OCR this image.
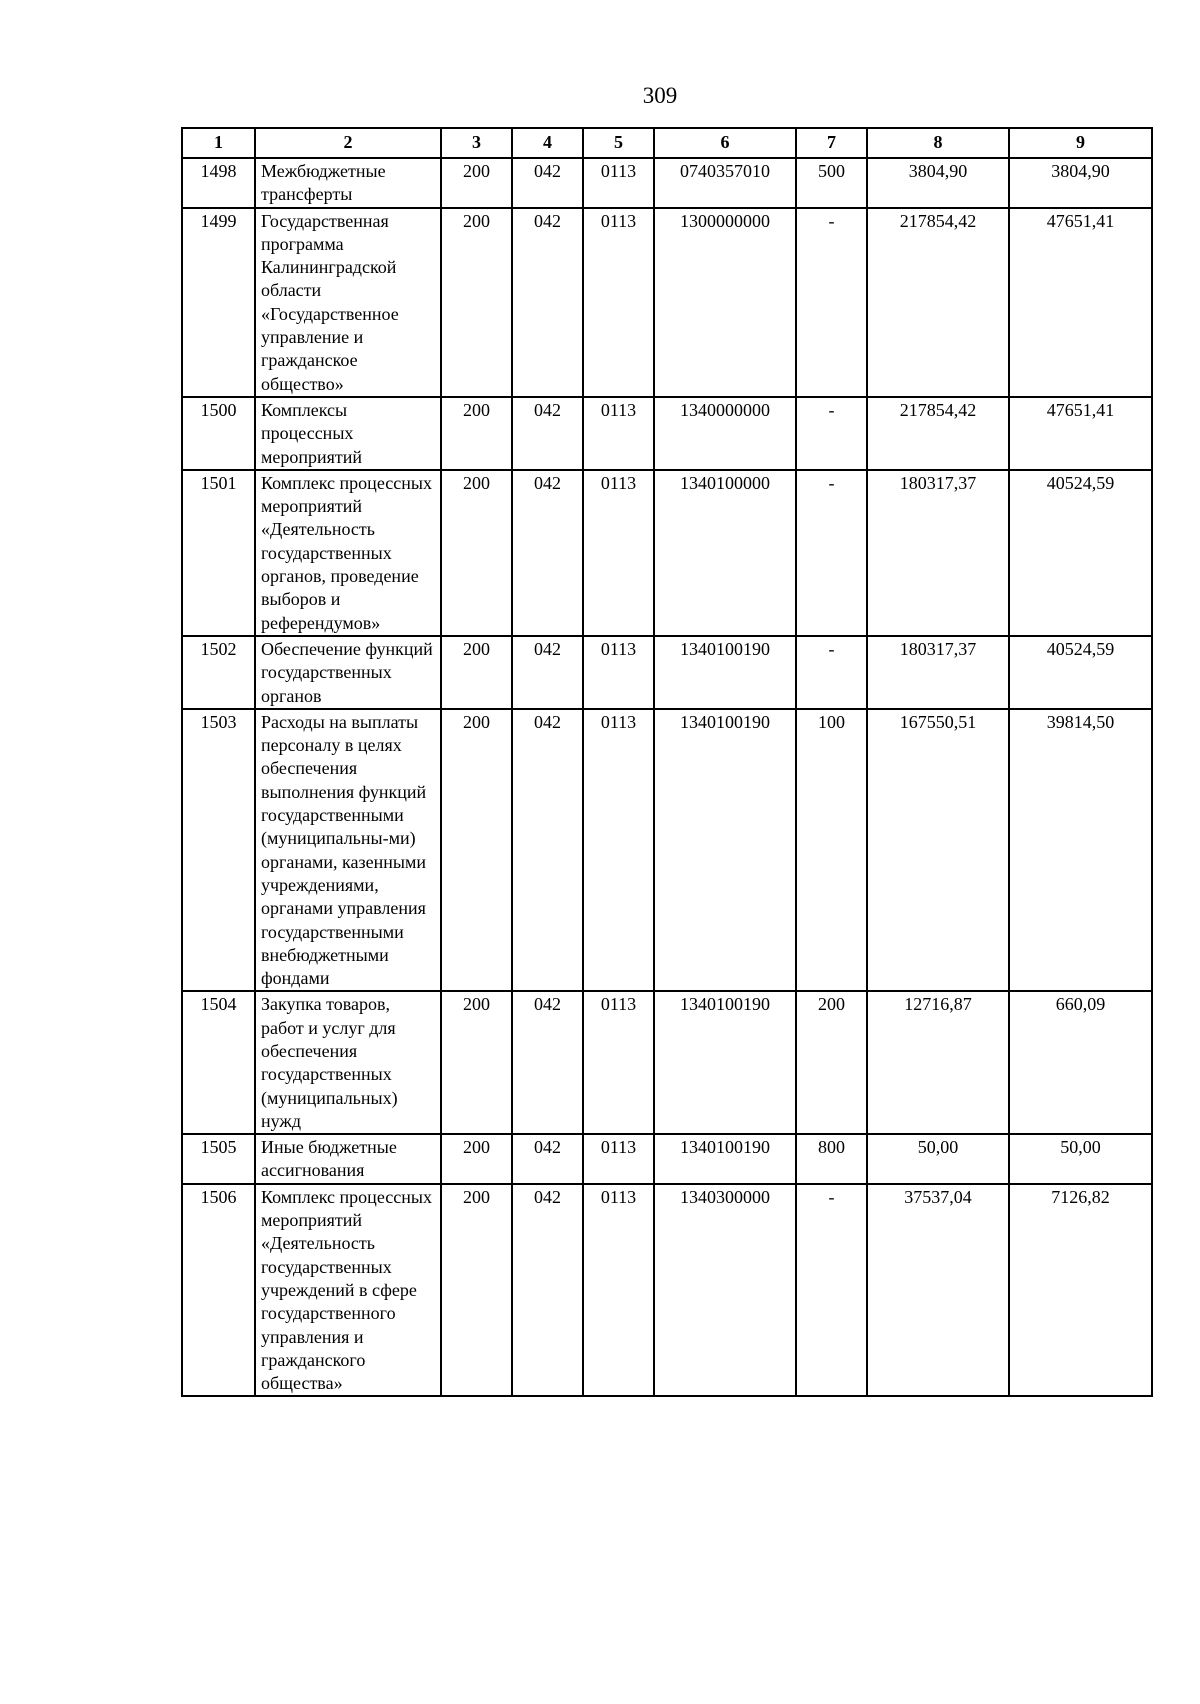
309
1	2	3	4	5	6	7	8	9
1498	Межбюджетные трансферты	200	042	0113	0740357010	500	3804,90	3804,90
1499	Государственная программа Калининградской области «Государственное управление и гражданское общество»	200	042	0113	1300000000	-	217854,42	47651,41
1500	Комплексы процессных мероприятий	200	042	0113	1340000000	-	217854,42	47651,41
1501	Комплекс процессных мероприятий «Деятельность государственных органов, проведение выборов и референдумов»	200	042	0113	1340100000	-	180317,37	40524,59
1502	Обеспечение функций государственных органов	200	042	0113	1340100190	-	180317,37	40524,59
1503	Расходы на выплаты персоналу в целях обеспечения выполнения функций государственными (муниципальны-ми) органами, казенными учреждениями, органами управления государственными внебюджетными фондами	200	042	0113	1340100190	100	167550,51	39814,50
1504	Закупка товаров, работ и услуг для обеспечения государственных (муниципальных) нужд	200	042	0113	1340100190	200	12716,87	660,09
1505	Иные бюджетные ассигнования	200	042	0113	1340100190	800	50,00	50,00
1506	Комплекс процессных мероприятий «Деятельность государственных учреждений в сфере государственного управления и гражданского общества»	200	042	0113	1340300000	-	37537,04	7126,82
